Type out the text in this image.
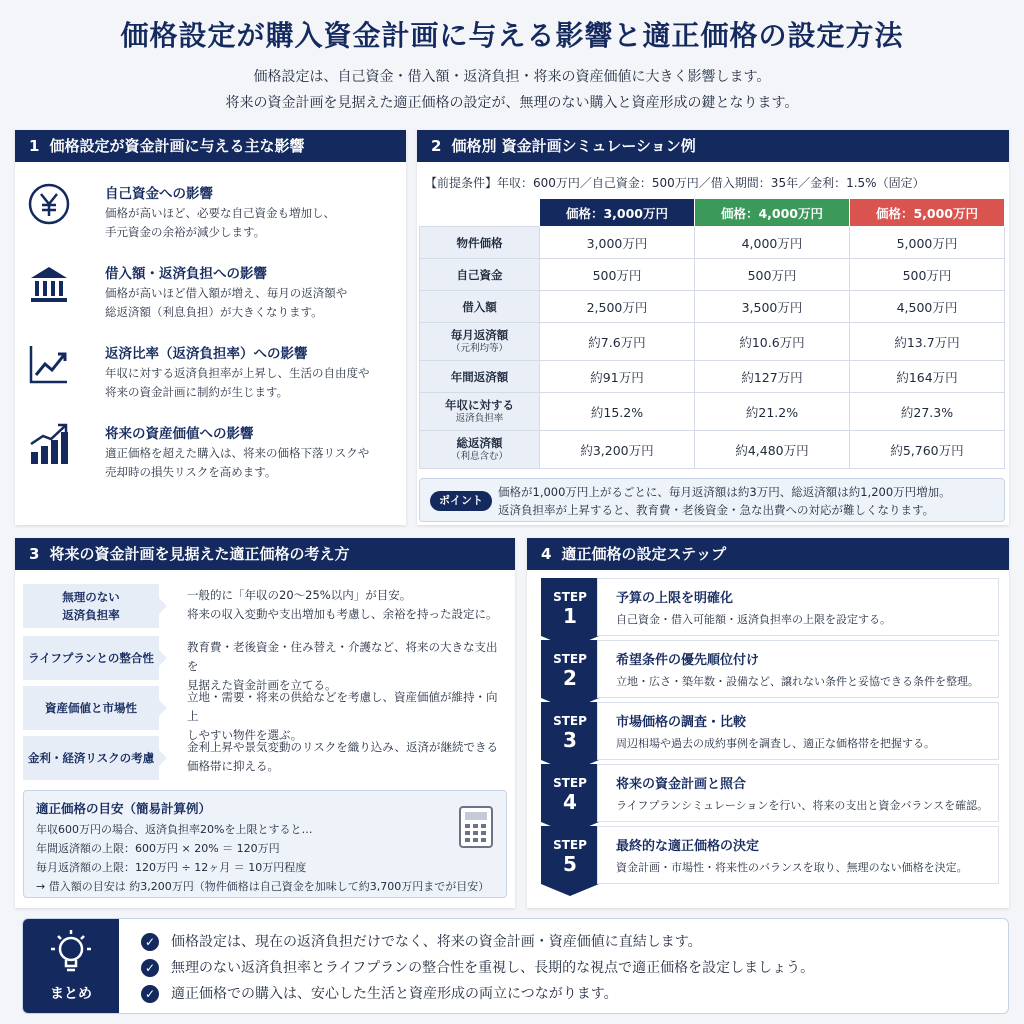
価格設定が購入資金計画に与える影響と適正価格の設定方法
価格設定は、自己資金・借入額・返済負担・将来の資産価値に大きく影響します。
将来の資金計画を見据えた適正価格の設定が、無理のない購入と資産形成の鍵となります。
1 価格設定が資金計画に与える主な影響
自己資金への影響
価格が高いほど、必要な自己資金も増加し、
手元資金の余裕が減少します。
借入額・返済負担への影響
価格が高いほど借入額が増え、毎月の返済額や
総返済額（利息負担）が大きくなります。
返済比率（返済負担率）への影響
年収に対する返済負担率が上昇し、生活の自由度や
将来の資金計画に制約が生じます。
将来の資産価値への影響
適正価格を超えた購入は、将来の価格下落リスクや
売却時の損失リスクを高めます。
2 価格別 資金計画シミュレーション例
【前提条件】年収：600万円／自己資金：500万円／借入期間：35年／金利：1.5%（固定）
	価格：3,000万円	価格：4,000万円	価格：5,000万円

物件価格	3,000万円	4,000万円	5,000万円

自己資金	500万円	500万円	500万円

借入額	2,500万円	3,500万円	4,500万円

毎月返済額
（元利均等）	約7.6万円	約10.6万円	約13.7万円

年間返済額	約91万円	約127万円	約164万円

年収に対する
返済負担率	約15.2%	約21.2%	約27.3%

総返済額
（利息含む）	約3,200万円	約4,480万円	約5,760万円
ポイント
価格が1,000万円上がるごとに、毎月返済額は約3万円、総返済額は約1,200万円増加。
返済負担率が上昇すると、教育費・老後資金・急な出費への対応が難しくなります。
3 将来の資金計画を見据えた適正価格の考え方
無理のない
返済負担率
一般的に「年収の20〜25%以内」が目安。
将来の収入変動や支出増加も考慮し、余裕を持った設定に。
ライフプランとの整合性
教育費・老後資金・住み替え・介護など、将来の大きな支出を
見据えた資金計画を立てる。
資産価値と市場性
立地・需要・将来の供給などを考慮し、資産価値が維持・向上
しやすい物件を選ぶ。
金利・経済リスクの考慮
金利上昇や景気変動のリスクを織り込み、返済が継続できる
価格帯に抑える。
適正価格の目安（簡易計算例）
年収600万円の場合、返済負担率20%を上限とすると…
年間返済額の上限：600万円 × 20% ＝ 120万円
毎月返済額の上限：120万円 ÷ 12ヶ月 ＝ 10万円程度
→ 借入額の目安は 約3,200万円（物件価格は自己資金を加味して約3,700万円までが目安）
4 適正価格の設定ステップ
STEP
1
予算の上限を明確化
自己資金・借入可能額・返済負担率の上限を設定する。
STEP
2
希望条件の優先順位付け
立地・広さ・築年数・設備など、譲れない条件と妥協できる条件を整理。
STEP
3
市場価格の調査・比較
周辺相場や過去の成約事例を調査し、適正な価格帯を把握する。
STEP
4
将来の資金計画と照合
ライフプランシミュレーションを行い、将来の支出と資金バランスを確認。
STEP
5
最終的な適正価格の決定
資金計画・市場性・将来性のバランスを取り、無理のない価格を決定。
まとめ
✓ 価格設定は、現在の返済負担だけでなく、将来の資金計画・資産価値に直結します。
✓ 無理のない返済負担率とライフプランの整合性を重視し、長期的な視点で適正価格を設定しましょう。
✓ 適正価格での購入は、安心した生活と資産形成の両立につながります。
